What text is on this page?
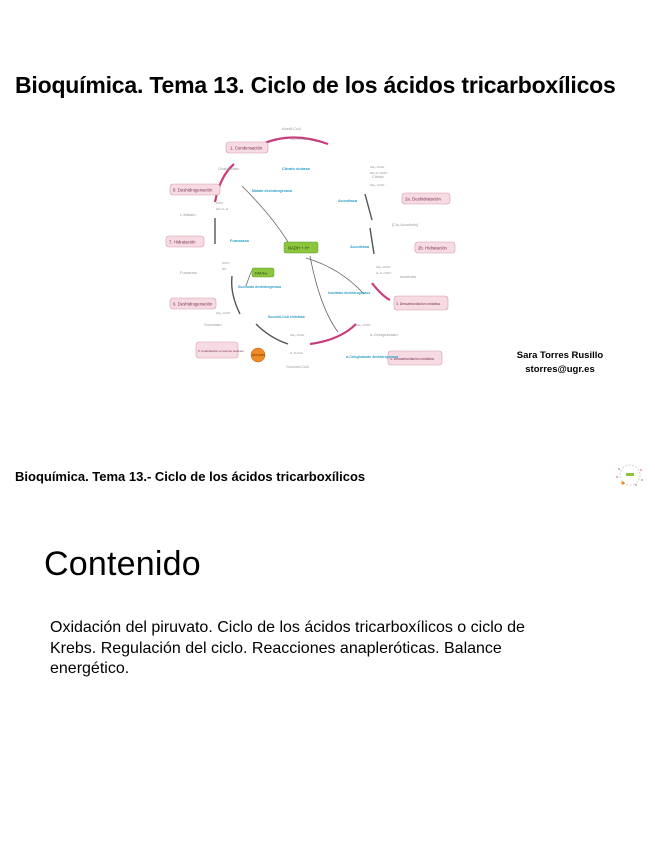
Bioquímica. Tema 13. Ciclo de los ácidos tricarboxílicos
1. Condensación
2a. Deshidratación
2b. Hidratación
3. Descarboxilación oxidativa
4. Descarboxilación oxidativa
5. Fosforilación a nivel de sustrato
6. Deshidrogenación
7. Hidratación
8. Deshidrogenación
Citrato sintasa
Aconitasa
Aconitasa
Isocitrato deshidrogenasa
α-Cetoglutarato deshidrogenasa
Succinil-CoA sintetasa
Succinato deshidrogenasa
Fumarasa
Malato deshidrogenasa
Acetil-CoA
Oxalacetato
Citrato
[Cis-Aconitato]
Isocitrato
α-Cetoglutarato
Succinil-CoA
Succinato
Fumarato
L-Malato
CH₃–C–S-CoA
CH₂–COO⁻
HO–C–COO⁻
CH₂–COO⁻
CH₂–COO⁻
H–C–COO⁻
CH₂–COO⁻
CH₂–COO⁻
C–S-CoA
COO⁻
HO–C–H
COO⁻
HC
CH₂–COO⁻
NADH + H⁺
FADH₂
GTP (ATP)	Sara Torres Rusillo
storres@ugr.es
Bioquímica. Tema 13.- Ciclo de los ácidos tricarboxílicos
Contenido
Oxidación del piruvato. Ciclo de los ácidos tricarboxílicos o ciclo de
Krebs. Regulación del ciclo. Reacciones anapleróticas. Balance
energético.
